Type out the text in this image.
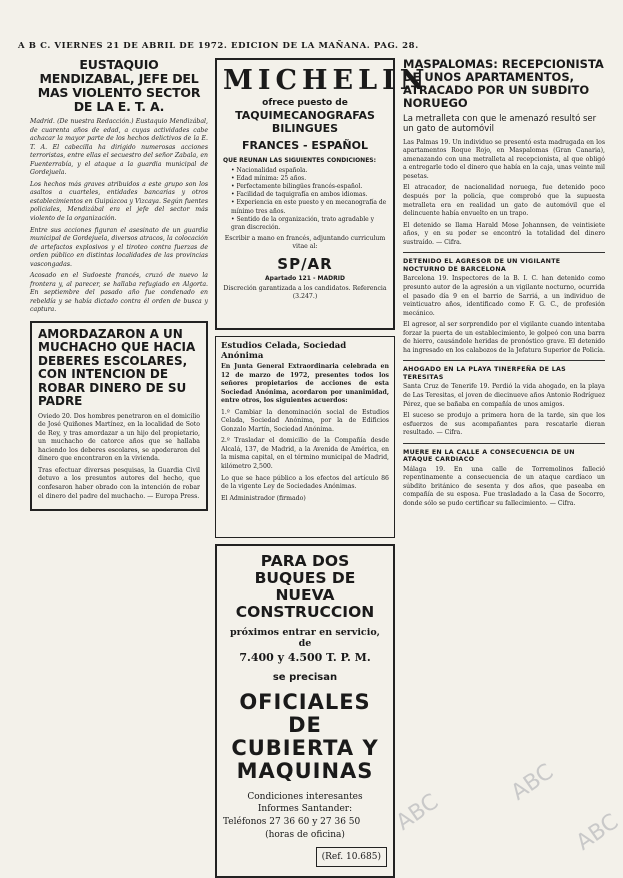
A B C. VIERNES 21 DE ABRIL DE 1972. EDICION DE LA MAÑANA. PAG. 28.
EUSTAQUIO MENDIZABAL, JEFE DEL MAS VIOLENTO SECTOR DE LA E. T. A.

Madrid. (De nuestra Redacción.) Eustaquio Mendizábal, de cuarenta años de edad, a cuyas actividades cabe achacar la mayor parte de los hechos delictivos de la E. T. A. El cabecilla ha dirigido numerosas acciones terroristas, entre ellas el secuestro del señor Zabala, en Fuenterrabía, y el ataque a la guardia municipal de Gordejuela.

Los hechos más graves atribuidos a este grupo son los asaltos a cuarteles, entidades bancarias y otros establecimientos en Guipúzcoa y Vizcaya. Según fuentes policiales, Mendizábal era el jefe del sector más violento de la organización.

Entre sus acciones figuran el asesinato de un guardia municipal de Gordejuela, diversos atracos, la colocación de artefactos explosivos y el tiroteo contra fuerzas de orden público en distintas localidades de las provincias vascongadas.

Acosado en el Sudoeste francés, cruzó de nuevo la frontera y, al parecer, se hallaba refugiado en Algorta. En septiembre del pasado año fue condenado en rebeldía y se había dictado contra él orden de busca y captura.

AMORDAZARON A UN MUCHACHO QUE HACIA DEBERES ESCOLARES, CON INTENCION DE ROBAR DINERO DE SU PADRE

Oviedo 20. Dos hombres penetraron en el domicilio de José Quiñones Martínez, en la localidad de Soto de Rey, y tras amordazar a un hijo del propietario, un muchacho de catorce años que se hallaba haciendo los deberes escolares, se apoderaron del dinero que encontraron en la vivienda.

Tras efectuar diversas pesquisas, la Guardia Civil detuvo a los presuntos autores del hecho, que confesaron haber obrado con la intención de robar el dinero del padre del muchacho. — Europa Press.

MICHELIN
ofrece puesto de
TAQUIMECANOGRAFAS BILINGUES
FRANCES - ESPAÑOL
QUE REUNAN LAS SIGUIENTES CONDICIONES:
• Nacionalidad española.
• Edad mínima: 25 años.
• Perfectamente bilingües francés-español.
• Facilidad de taquigrafía en ambos idiomas.
• Experiencia en este puesto y en mecanografía de mínimo tres años.
• Sentido de la organización, trato agradable y gran discreción.
Escribir a mano en francés, adjuntando curriculum vitae al:
SP/AR
Apartado 121 - MADRID
Discreción garantizada a los candidatos. Referencia (3.247.)
Estudios Celada, Sociedad Anónima

En Junta General Extraordinaria celebrada en 12 de marzo de 1972, presentes todos los señores propietarios de acciones de esta Sociedad Anónima, acordaron por unanimidad, entre otros, los siguientes acuerdos:

1.º Cambiar la denominación social de Estudios Celada, Sociedad Anónima, por la de Edificios Gonzalo Martín, Sociedad Anónima.

2.º Trasladar el domicilio de la Compañía desde Alcalá, 137, de Madrid, a la Avenida de América, en la misma capital, en el término municipal de Madrid, kilómetro 2,500.

Lo que se hace público a los efectos del artículo 86 de la vigente Ley de Sociedades Anónimas.

El Administrador (firmado)

PARA DOS BUQUES DE NUEVA CONSTRUCCION
próximos entrar en servicio, de
7.400 y 4.500 T. P. M.
se precisan
OFICIALES DE CUBIERTA Y MAQUINAS
Condiciones interesantes
Informes Santander:
Teléfonos 27 36 60 y 27 36 50
(horas de oficina)
(Ref. 10.685)
MASPALOMAS: RECEPCIONISTA DE UNOS APARTAMENTOS, ATRACADO POR UN SUBDITO NORUEGO
La metralleta con que le amenazó resultó ser un gato de automóvil

Las Palmas 19. Un individuo se presentó esta madrugada en los apartamentos Roque Rojo, en Maspalomas (Gran Canaria), amenazando con una metralleta al recepcionista, al que obligó a entregarle todo el dinero que había en la caja, unas veinte mil pesetas.

El atracador, de nacionalidad noruega, fue detenido poco después por la policía, que comprobó que la supuesta metralleta era en realidad un gato de automóvil que el delincuente había envuelto en un trapo.

El detenido se llama Harald Mose Johannsen, de veintisiete años, y en su poder se encontró la totalidad del dinero sustraído. — Cifra.

DETENIDO EL AGRESOR DE UN VIGILANTE NOCTURNO DE BARCELONA

Barcelona 19. Inspectores de la B. I. C. han detenido como presunto autor de la agresión a un vigilante nocturno, ocurrida el pasado día 9 en el barrio de Sarriá, a un individuo de veinticuatro años, identificado como F. G. C., de profesión mecánico.

El agresor, al ser sorprendido por el vigilante cuando intentaba forzar la puerta de un establecimiento, le golpeó con una barra de hierro, causándole heridas de pronóstico grave. El detenido ha ingresado en los calabozos de la Jefatura Superior de Policía.

AHOGADO EN LA PLAYA TINERFEÑA DE LAS TERESITAS

Santa Cruz de Tenerife 19. Perdió la vida ahogado, en la playa de Las Teresitas, el joven de diecinueve años Antonio Rodríguez Pérez, que se bañaba en compañía de unos amigos.

El suceso se produjo a primera hora de la tarde, sin que los esfuerzos de sus acompañantes para rescatarle dieran resultado. — Cifra.

MUERE EN LA CALLE A CONSECUENCIA DE UN ATAQUE CARDIACO

Málaga 19. En una calle de Torremolinos falleció repentinamente a consecuencia de un ataque cardíaco un súbdito británico de sesenta y dos años, que paseaba en compañía de su esposa. Fue trasladado a la Casa de Socorro, donde sólo se pudo certificar su fallecimiento. — Cifra.

ABC
ABC
ABC
